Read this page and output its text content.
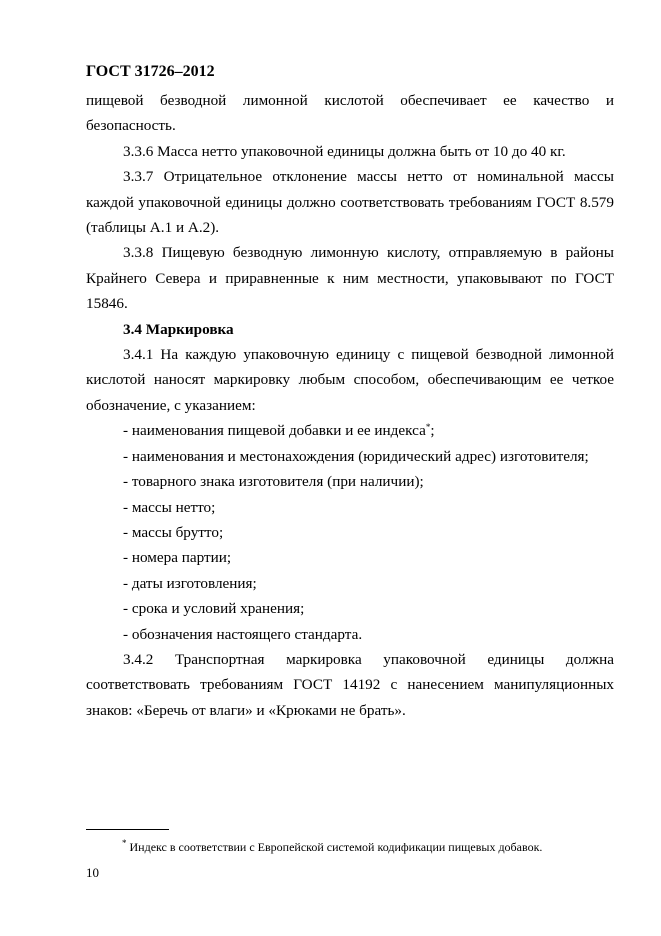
ГОСТ 31726–2012

пищевой безводной лимонной кислотой обеспечивает ее качество и безопасность.

3.3.6 Масса нетто упаковочной единицы должна быть от 10 до 40 кг.

3.3.7 Отрицательное отклонение массы нетто от номинальной массы каждой упаковочной единицы должно соответствовать требованиям ГОСТ 8.579 (таблицы А.1 и А.2).

3.3.8 Пищевую безводную лимонную кислоту, отправляемую в районы Крайнего Севера и приравненные к ним местности, упаковывают по ГОСТ 15846.

3.4 Маркировка

3.4.1 На каждую упаковочную единицу с пищевой безводной лимонной кислотой наносят маркировку любым способом, обеспечивающим ее четкое обозначение, с указанием:

- наименования пищевой добавки и ее индекса*;

- наименования и местонахождения (юридический адрес) изготовителя;

- товарного знака изготовителя (при наличии);

- массы нетто;

- массы брутто;

- номера партии;

- даты изготовления;

- срока и условий хранения;

- обозначения настоящего стандарта.

3.4.2 Транспортная маркировка упаковочной единицы должна соответствовать требованиям ГОСТ 14192 с нанесением манипуляционных знаков: «Беречь от влаги» и «Крюками не брать».

* Индекс в соответствии с Европейской системой кодификации пищевых добавок.
10
